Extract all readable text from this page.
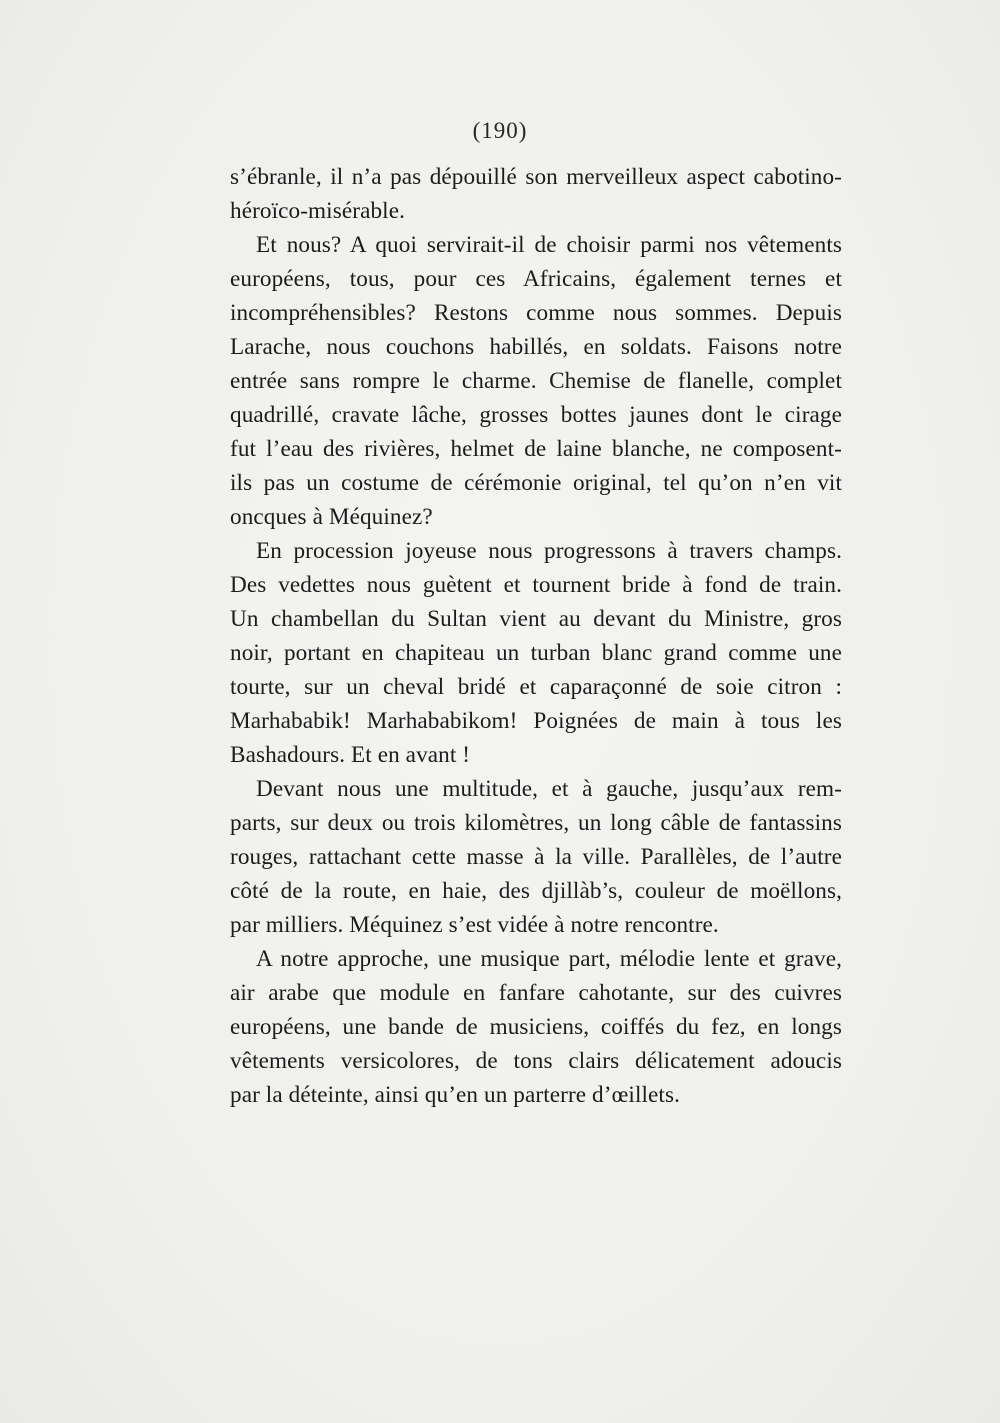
(190)
s’ébranle, il n’a pas dépouillé son merveilleux aspect cabotino-
héroïco-misérable.
Et nous? A quoi servirait-il de choisir parmi nos vêtements
européens, tous, pour ces Africains, également ternes et
incompréhensibles? Restons comme nous sommes. Depuis
Larache, nous couchons habillés, en soldats. Faisons notre
entrée sans rompre le charme. Chemise de flanelle, complet
quadrillé, cravate lâche, grosses bottes jaunes dont le cirage
fut l’eau des rivières, helmet de laine blanche, ne composent-
ils pas un costume de cérémonie original, tel qu’on n’en vit
oncques à Méquinez?
En procession joyeuse nous progressons à travers champs.
Des vedettes nous guètent et tournent bride à fond de train.
Un chambellan du Sultan vient au devant du Ministre, gros
noir, portant en chapiteau un turban blanc grand comme une
tourte, sur un cheval bridé et caparaçonné de soie citron :
Marhababik! Marhababikom! Poignées de main à tous les
Bashadours. Et en avant !
Devant nous une multitude, et à gauche, jusqu’aux rem-
parts, sur deux ou trois kilomètres, un long câble de fantassins
rouges, rattachant cette masse à la ville. Parallèles, de l’autre
côté de la route, en haie, des djillàb’s, couleur de moëllons,
par milliers. Méquinez s’est vidée à notre rencontre.
A notre approche, une musique part, mélodie lente et grave,
air arabe que module en fanfare cahotante, sur des cuivres
européens, une bande de musiciens, coiffés du fez, en longs
vêtements versicolores, de tons clairs délicatement adoucis
par la déteinte, ainsi qu’en un parterre d’œillets.
